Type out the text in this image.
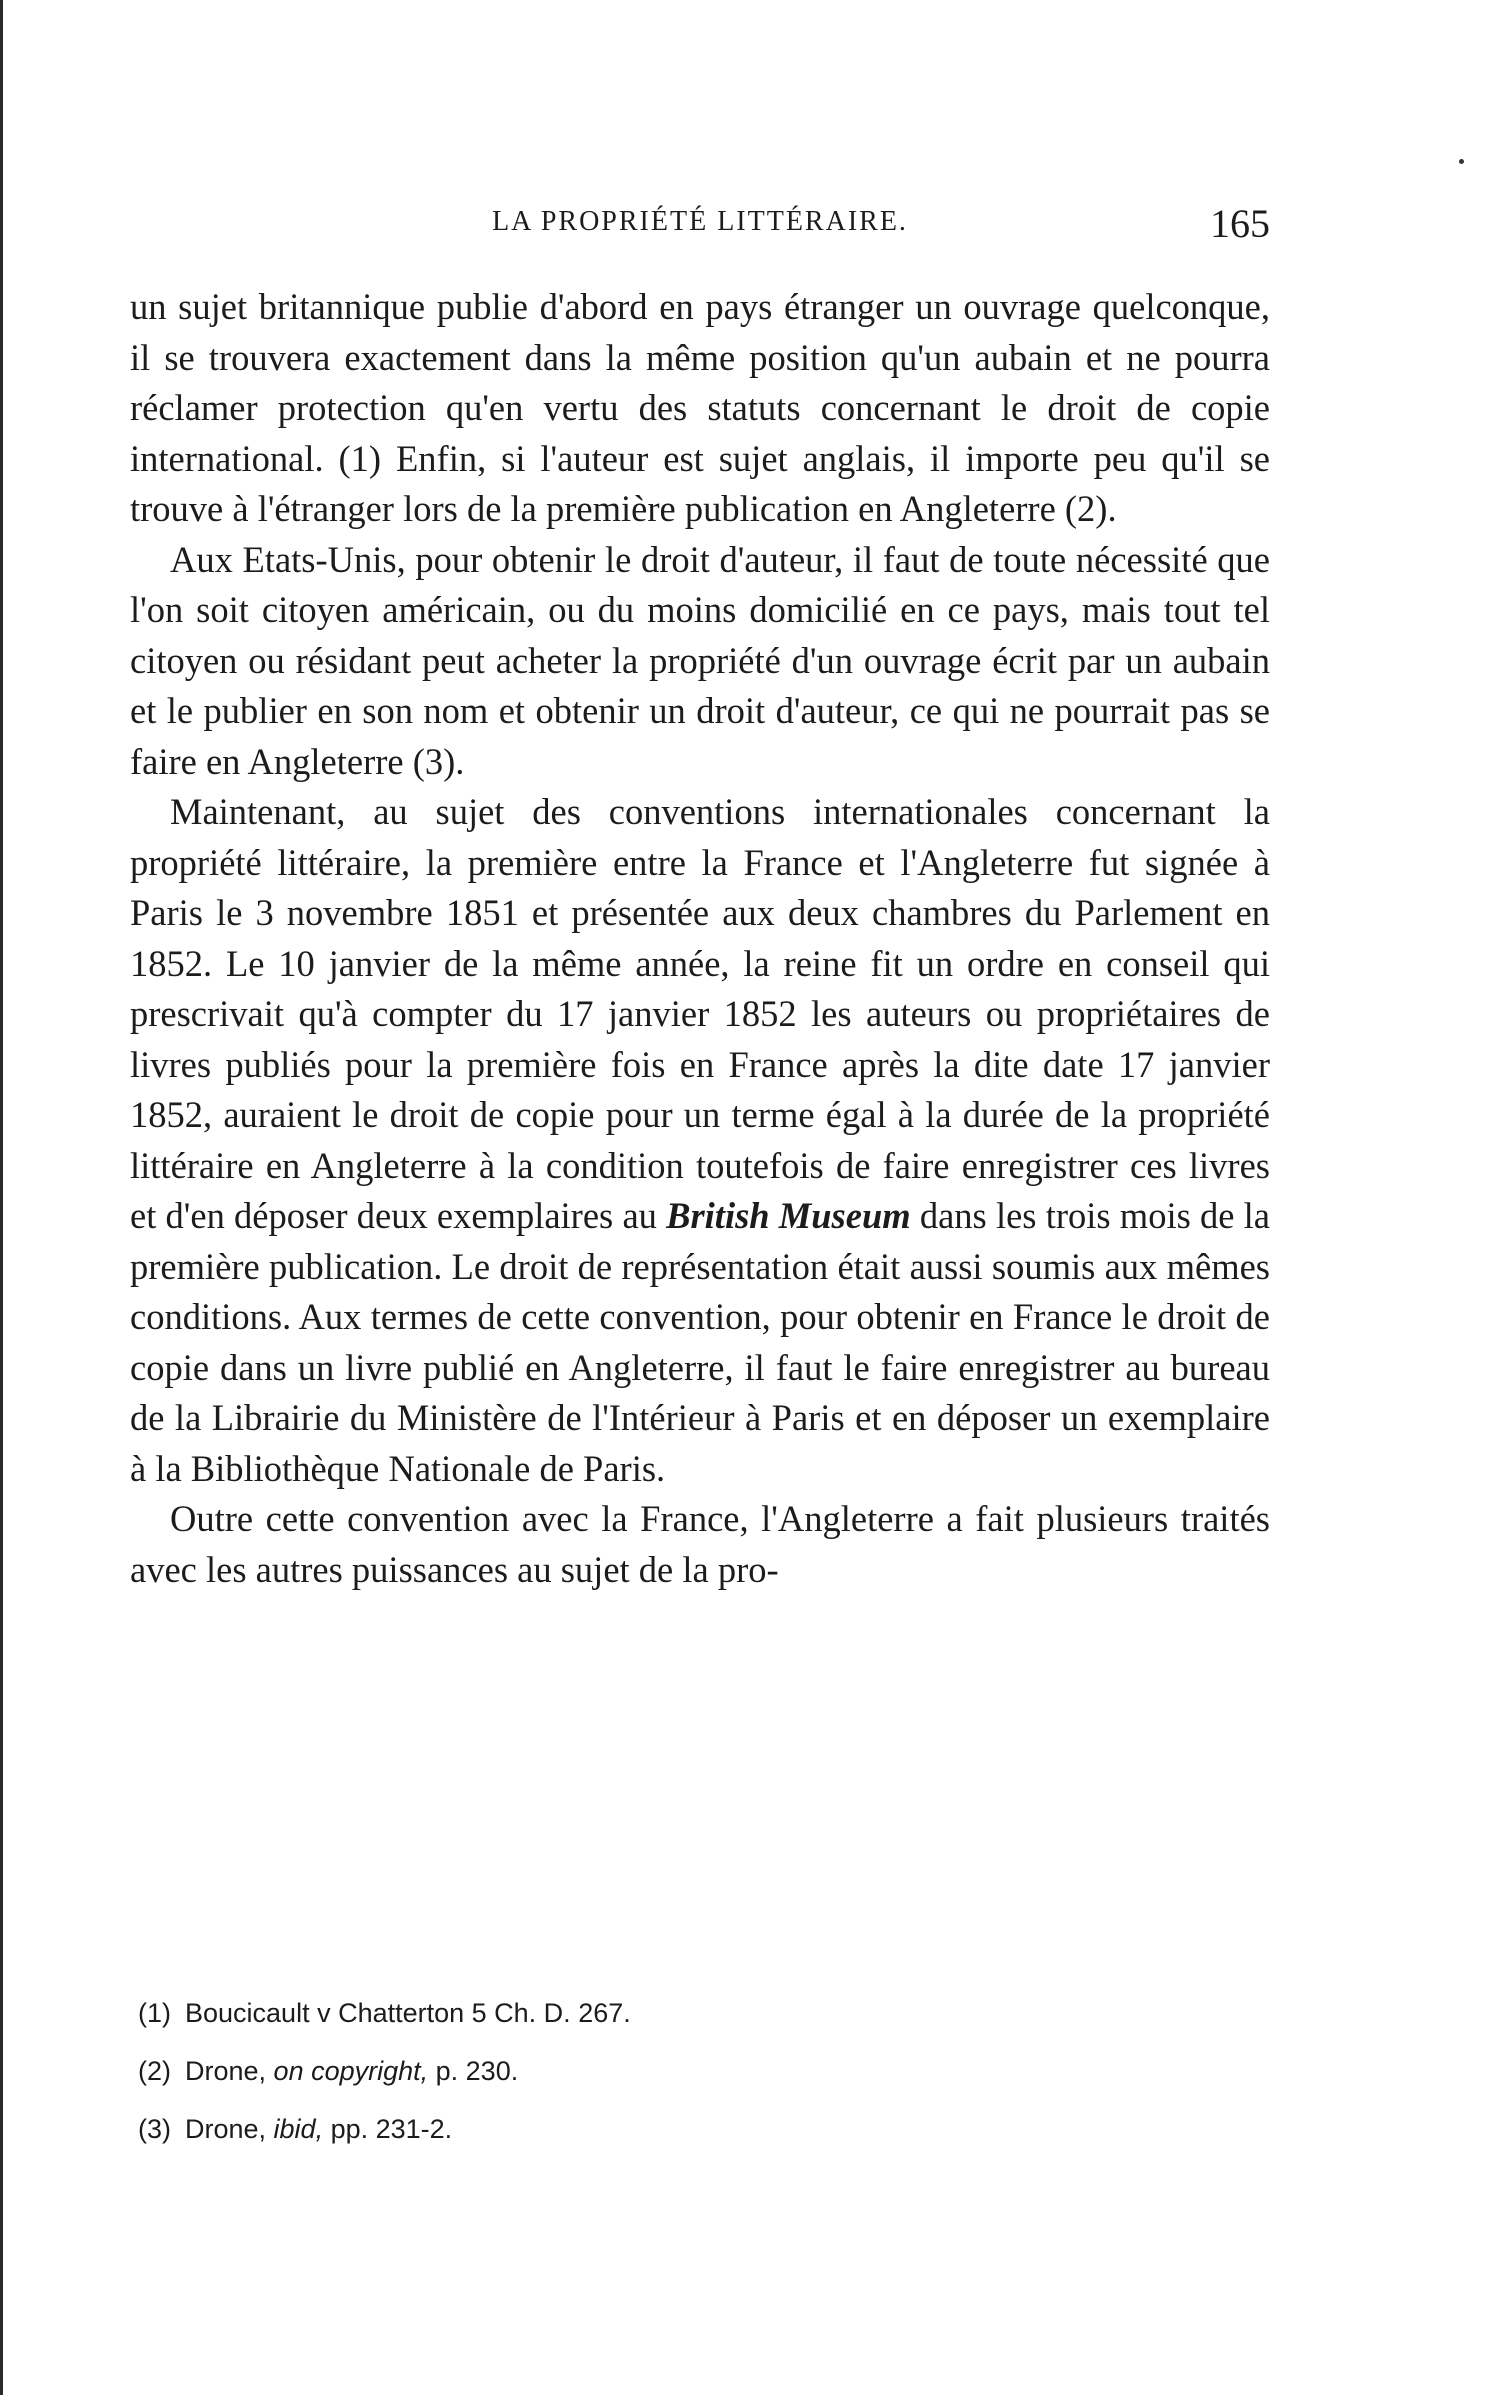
LA PROPRIÉTÉ LITTÉRAIRE.	165

un sujet britannique publie d'abord en pays étranger un ouvrage quelconque, il se trouvera exactement dans la même position qu'un aubain et ne pourra réclamer protection qu'en vertu des statuts concernant le droit de copie international. (1) Enfin, si l'auteur est sujet anglais, il importe peu qu'il se trouve à l'étranger lors de la première publication en Angleterre (2).

Aux Etats-Unis, pour obtenir le droit d'auteur, il faut de toute nécessité que l'on soit citoyen américain, ou du moins domicilié en ce pays, mais tout tel citoyen ou résidant peut acheter la propriété d'un ouvrage écrit par un aubain et le publier en son nom et obtenir un droit d'auteur, ce qui ne pourrait pas se faire en Angleterre (3).

Maintenant, au sujet des conventions internationales concernant la propriété littéraire, la première entre la France et l'Angleterre fut signée à Paris le 3 novembre 1851 et présentée aux deux chambres du Parlement en 1852. Le 10 janvier de la même année, la reine fit un ordre en conseil qui prescrivait qu'à compter du 17 janvier 1852 les auteurs ou propriétaires de livres publiés pour la première fois en France après la dite date 17 janvier 1852, auraient le droit de copie pour un terme égal à la durée de la propriété littéraire en Angleterre à la condition toutefois de faire enregistrer ces livres et d'en déposer deux exemplaires au British Museum dans les trois mois de la première publication. Le droit de représentation était aussi soumis aux mêmes conditions. Aux termes de cette convention, pour obtenir en France le droit de copie dans un livre publié en Angleterre, il faut le faire enregistrer au bureau de la Librairie du Ministère de l'Intérieur à Paris et en déposer un exemplaire à la Bibliothèque Nationale de Paris.

Outre cette convention avec la France, l'Angleterre a fait plusieurs traités avec les autres puissances au sujet de la pro-

(1) Boucicault v Chatterton 5 Ch. D. 267.
(2) Drone, on copyright, p. 230.
(3) Drone, ibid, pp. 231-2.
